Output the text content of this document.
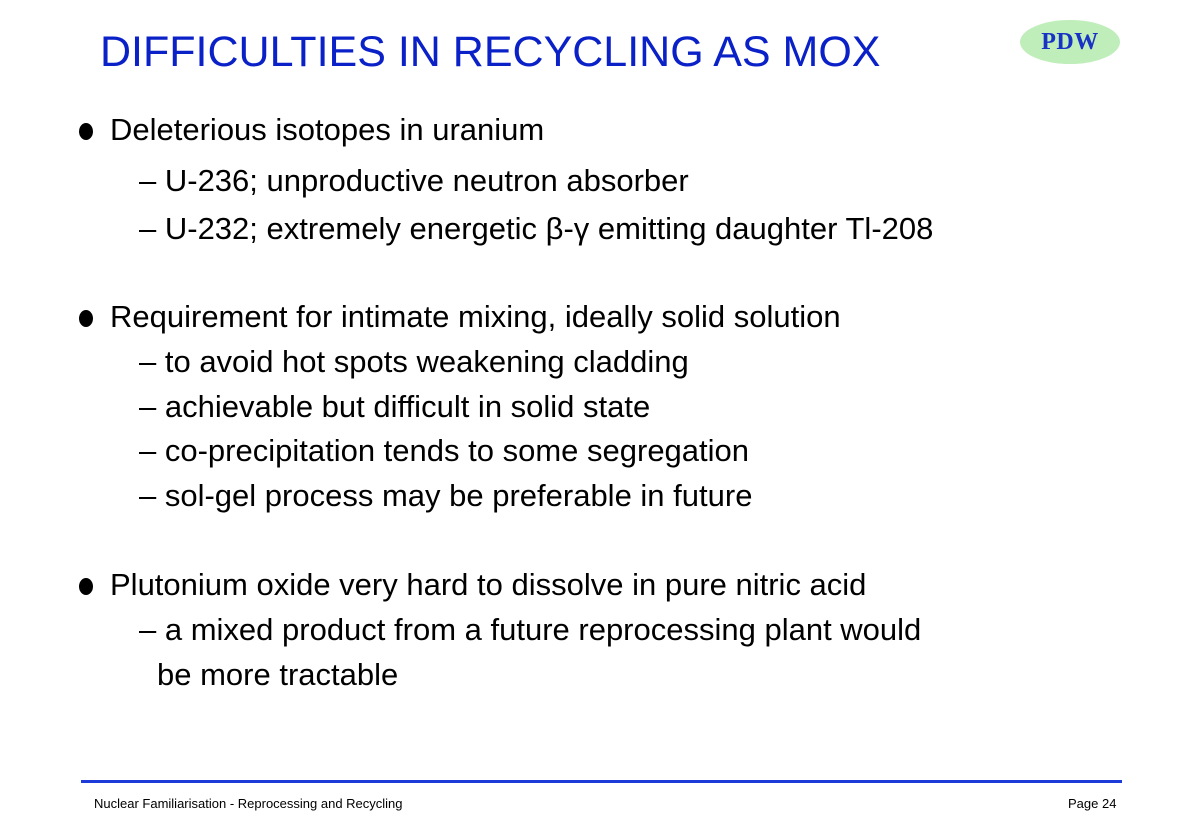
DIFFICULTIES IN RECYCLING AS MOX	PDW
Deleterious isotopes in uranium
– U-236; unproductive neutron absorber
– U-232; extremely energetic β-γ emitting daughter Tl-208
Requirement for intimate mixing, ideally solid solution
– to avoid hot spots weakening cladding
– achievable but difficult in solid state
– co-precipitation tends to some segregation
– sol-gel process may be preferable in future
Plutonium oxide very hard to dissolve in pure nitric acid
– a mixed product from a future reprocessing plant would
be more tractable
Nuclear Familiarisation - Reprocessing and Recycling	Page 24
